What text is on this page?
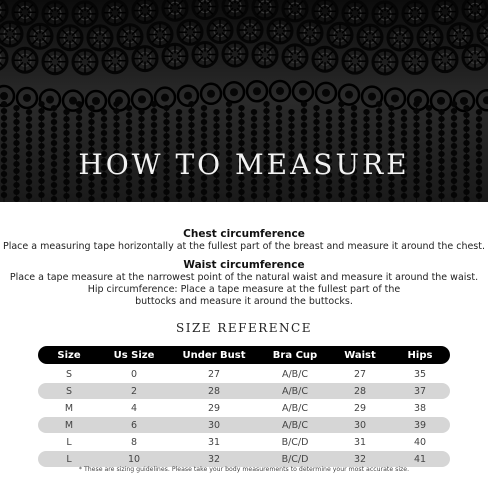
HOW TO MEASURE
Chest circumference

Place a measuring tape horizontally at the fullest part of the breast and measure it around the chest.

Waist circumference

Place a tape measure at the narrowest point of the natural waist and measure it around the waist.

Hip circumference: Place a tape measure at the fullest part of the

buttocks and measure it around the buttocks.

SIZE REFERENCE
Size	Us Size	Under Bust	Bra Cup	Waist	Hips
S	0	27	A/B/C	27	35
S	2	28	A/B/C	28	37
M	4	29	A/B/C	29	38
M	6	30	A/B/C	30	39
L	8	31	B/C/D	31	40
L	10	32	B/C/D	32	41
* These are sizing guidelines. Please take your body measurements to determine your most accurate size.
